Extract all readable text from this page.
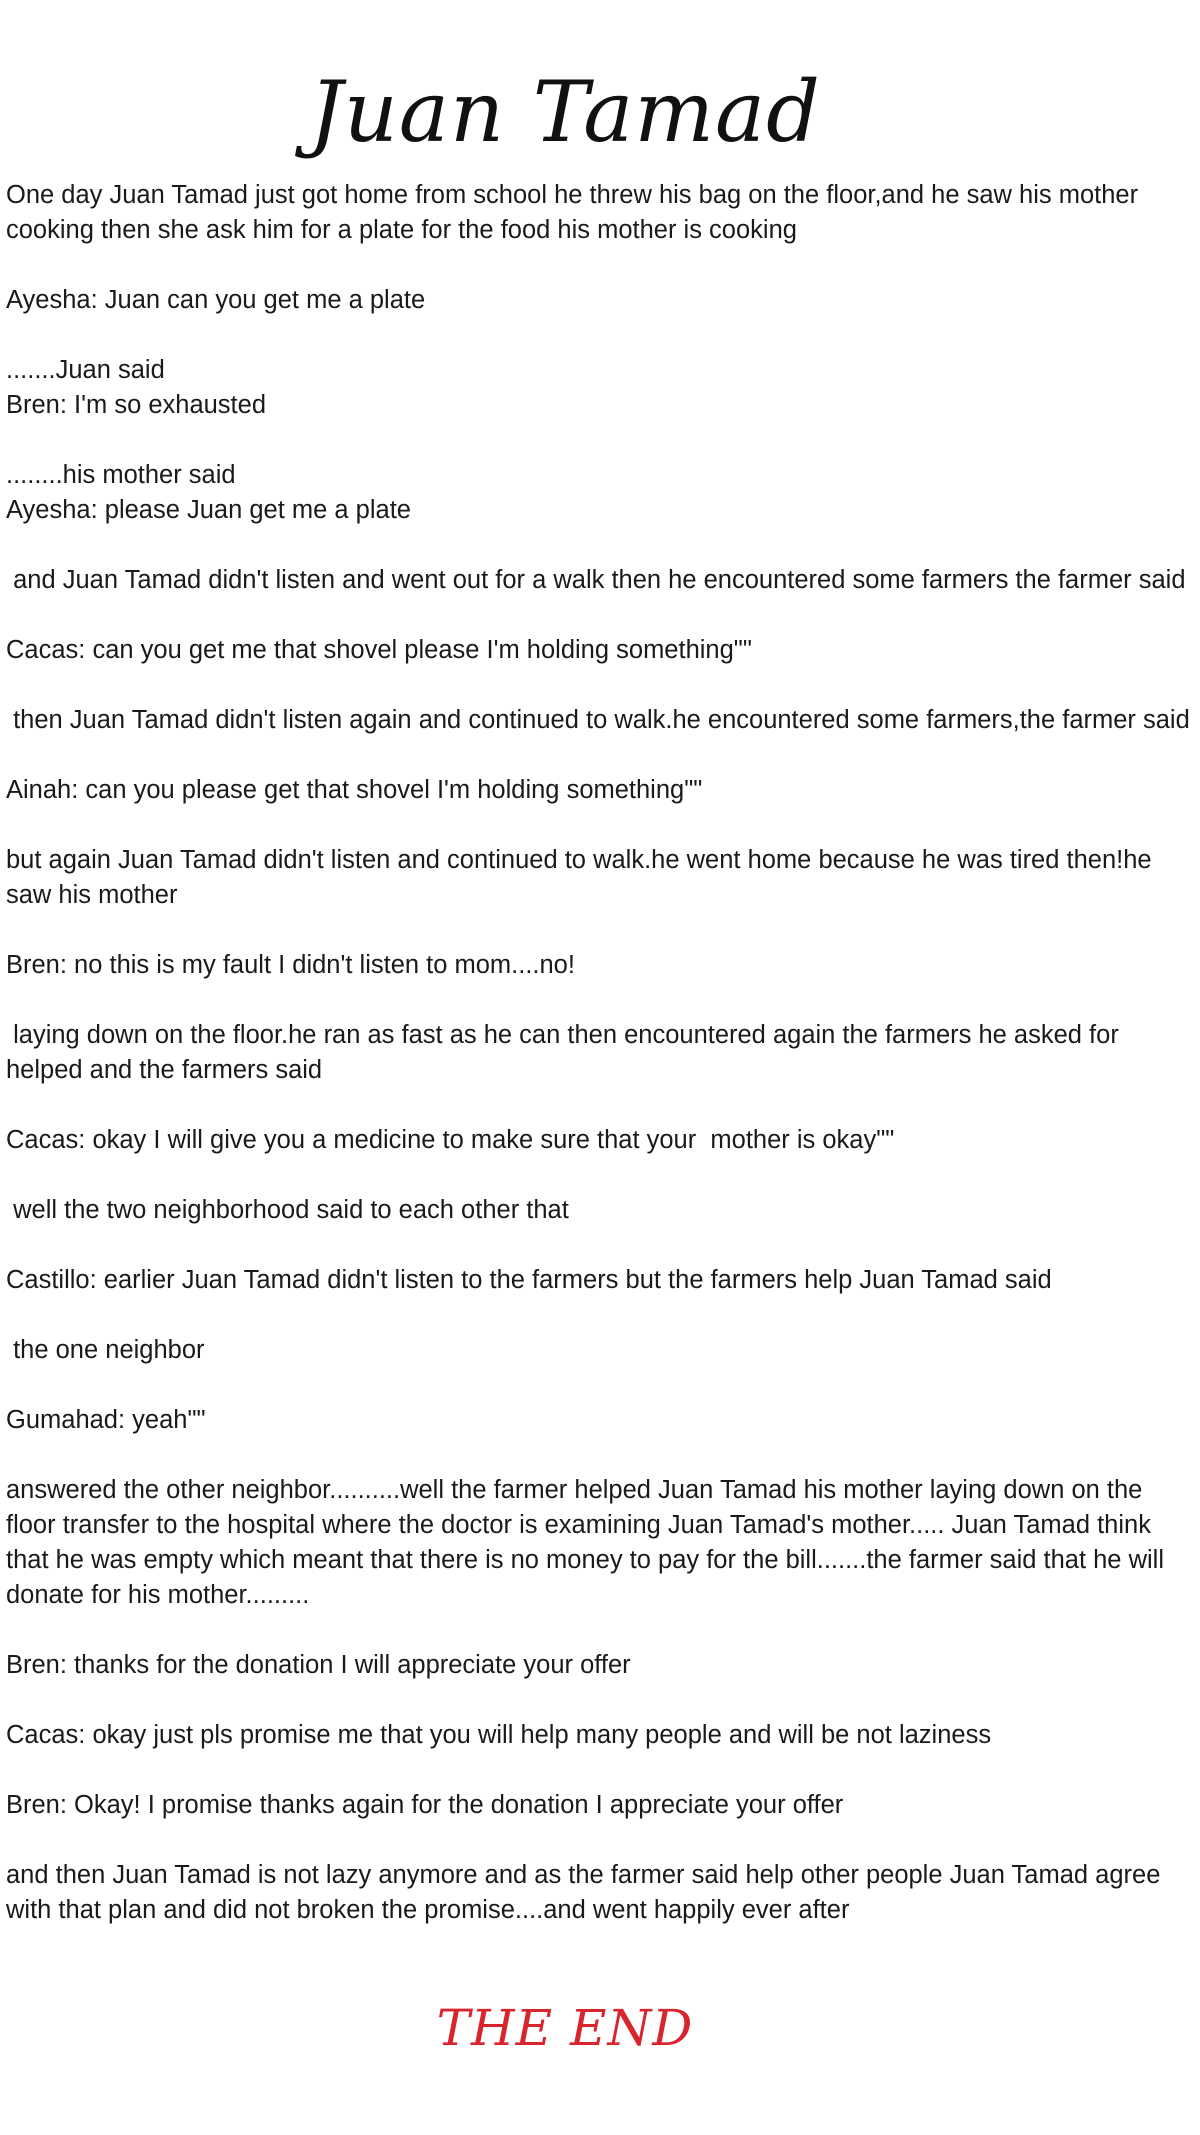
Juan Tamad

One day Juan Tamad just got home from school he threw his bag on the floor,and he saw his mother
cooking then she ask him for a plate for the food his mother is cooking

Ayesha: Juan can you get me a plate

.......Juan said
Bren: I'm so exhausted

........his mother said
Ayesha: please Juan get me a plate

and Juan Tamad didn't listen and went out for a walk then he encountered some farmers the farmer said

Cacas: can you get me that shovel please I'm holding something""

then Juan Tamad didn't listen again and continued to walk.he encountered some farmers,the farmer said

Ainah: can you please get that shovel I'm holding something""

but again Juan Tamad didn't listen and continued to walk.he went home because he was tired then!he
saw his mother

Bren: no this is my fault I didn't listen to mom....no!

laying down on the floor.he ran as fast as he can then encountered again the farmers he asked for
helped and the farmers said

Cacas: okay I will give you a medicine to make sure that your  mother is okay""

well the two neighborhood said to each other that

Castillo: earlier Juan Tamad didn't listen to the farmers but the farmers help Juan Tamad said

the one neighbor

Gumahad: yeah""

answered the other neighbor..........well the farmer helped Juan Tamad his mother laying down on the
floor transfer to the hospital where the doctor is examining Juan Tamad's mother..... Juan Tamad think
that he was empty which meant that there is no money to pay for the bill.......the farmer said that he will
donate for his mother.........

Bren: thanks for the donation I will appreciate your offer

Cacas: okay just pls promise me that you will help many people and will be not laziness

Bren: Okay! I promise thanks again for the donation I appreciate your offer

and then Juan Tamad is not lazy anymore and as the farmer said help other people Juan Tamad agree
with that plan and did not broken the promise....and went happily ever after

THE END
